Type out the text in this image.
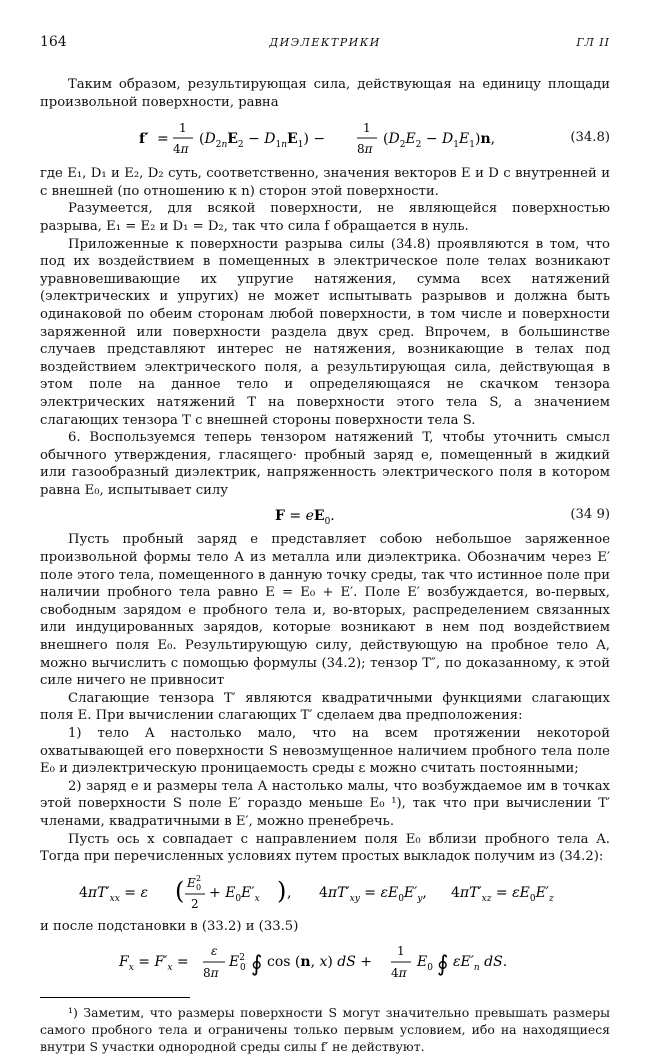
164	ДИЭЛЕКТРИКИ	ГЛ II

Таким образом, результирующая сила, действующая на единицу площади произвольной поверхности, равна

f′ =
1
4π
$(D_2nE_2 - D_1nE_1)$ −
1
8π
$(D_2E_2 - D_1E_1)n$,	(34.8)

где E₁, D₁ и E₂, D₂ суть, соответственно, значения векторов E и D с внутренней и с внешней (по отношению к n) сторон этой поверхности.

Разумеется, для всякой поверхности, не являющейся поверхностью разрыва, E₁ = E₂ и D₁ = D₂, так что сила f обращается в нуль.

Приложенные к поверхности разрыва силы (34.8) проявляются в том, что под их воздействием в помещенных в электрическое поле телах возникают уравновешивающие их упругие натяжения, сумма всех натяжений (электрических и упругих) не может испытывать разрывов и должна быть одинаковой по обеим сторонам любой поверхности, в том числе и поверхности заряженной или поверхности раздела двух сред. Впрочем, в большинстве случаев представляют интерес не натяжения, возникающие в телах под воздействием электрического поля, а результирующая сила, действующая в этом поле на данное тело и определяющаяся не скачком тензора электрических натяжений T на поверхности этого тела S, а значением слагающих тензора T с внешней стороны поверхности тела S.

6. Воспользуемся теперь тензором натяжений T, чтобы уточнить смысл обычного утверждения, гласящего· пробный заряд e, помещенный в жидкий или газообразный диэлектрик, напряженность электрического поля в котором равна E₀, испытывает силу

$F = eE_0$.	(34 9)

Пусть пробный заряд e представляет собою небольшое заряженное произвольной формы тело A из металла или диэлектрика. Обозначим через E′ поле этого тела, помещенного в данную точку среды, так что истинное поле при наличии пробного тела равно E = E₀ + E′. Поле E′ возбуждается, во-первых, свободным зарядом e пробного тела и, во-вторых, распределением связанных или индуцированных зарядов, которые возникают в нем под воздействием внешнего поля E₀. Результирующую силу, действующую на пробное тело A, можно вычислить с помощью формулы (34.2); тензор T″, по доказанному, к этой силе ничего не привносит

Слагающие тензора T′ являются квадратичными функциями слагающих поля E. При вычислении слагающих T′ сделаем два предположения:

1) тело A настолько мало, что на всем протяжении некоторой охватывающей его поверхности S невозмущенное наличием пробного тела поле E₀ и диэлектрическую проницаемость среды ε можно считать постоянными;

2) заряд e и размеры тела A настолько малы, что возбуждаемое им в точках этой поверхности S поле E′ гораздо меньше E₀ ¹), так что при вычислении T′ членами, квадратичными в E′, можно пренебречь.

Пусть ось x совпадает с направлением поля E₀ вблизи пробного тела A. Тогда при перечисленных условиях путем простых выкладок получим из (34.2):

$4\pi T'_{xx} = \varepsilon$ ( E 2
0
2
+ $E_0E'_x$ ) , $4\pi T'_{xy} = \varepsilon E_0E'_y$, $4\pi T'_{xz} = \varepsilon E_0E'_z$

и после подстановки в (33.2) и (33.5)

$F_x = F'_x$ =
ε
8π
$E^2$ 0 ∮ cos (n, x) dS +
1
4π
$E_0$ ∮ $\varepsilon E'_n$ dS.

¹) Заметим, что размеры поверхности S могут значительно превышать размеры самого пробного тела и ограничены только первым условием, ибо на находящиеся внутри S участки однородной среды силы f′ не действуют.
